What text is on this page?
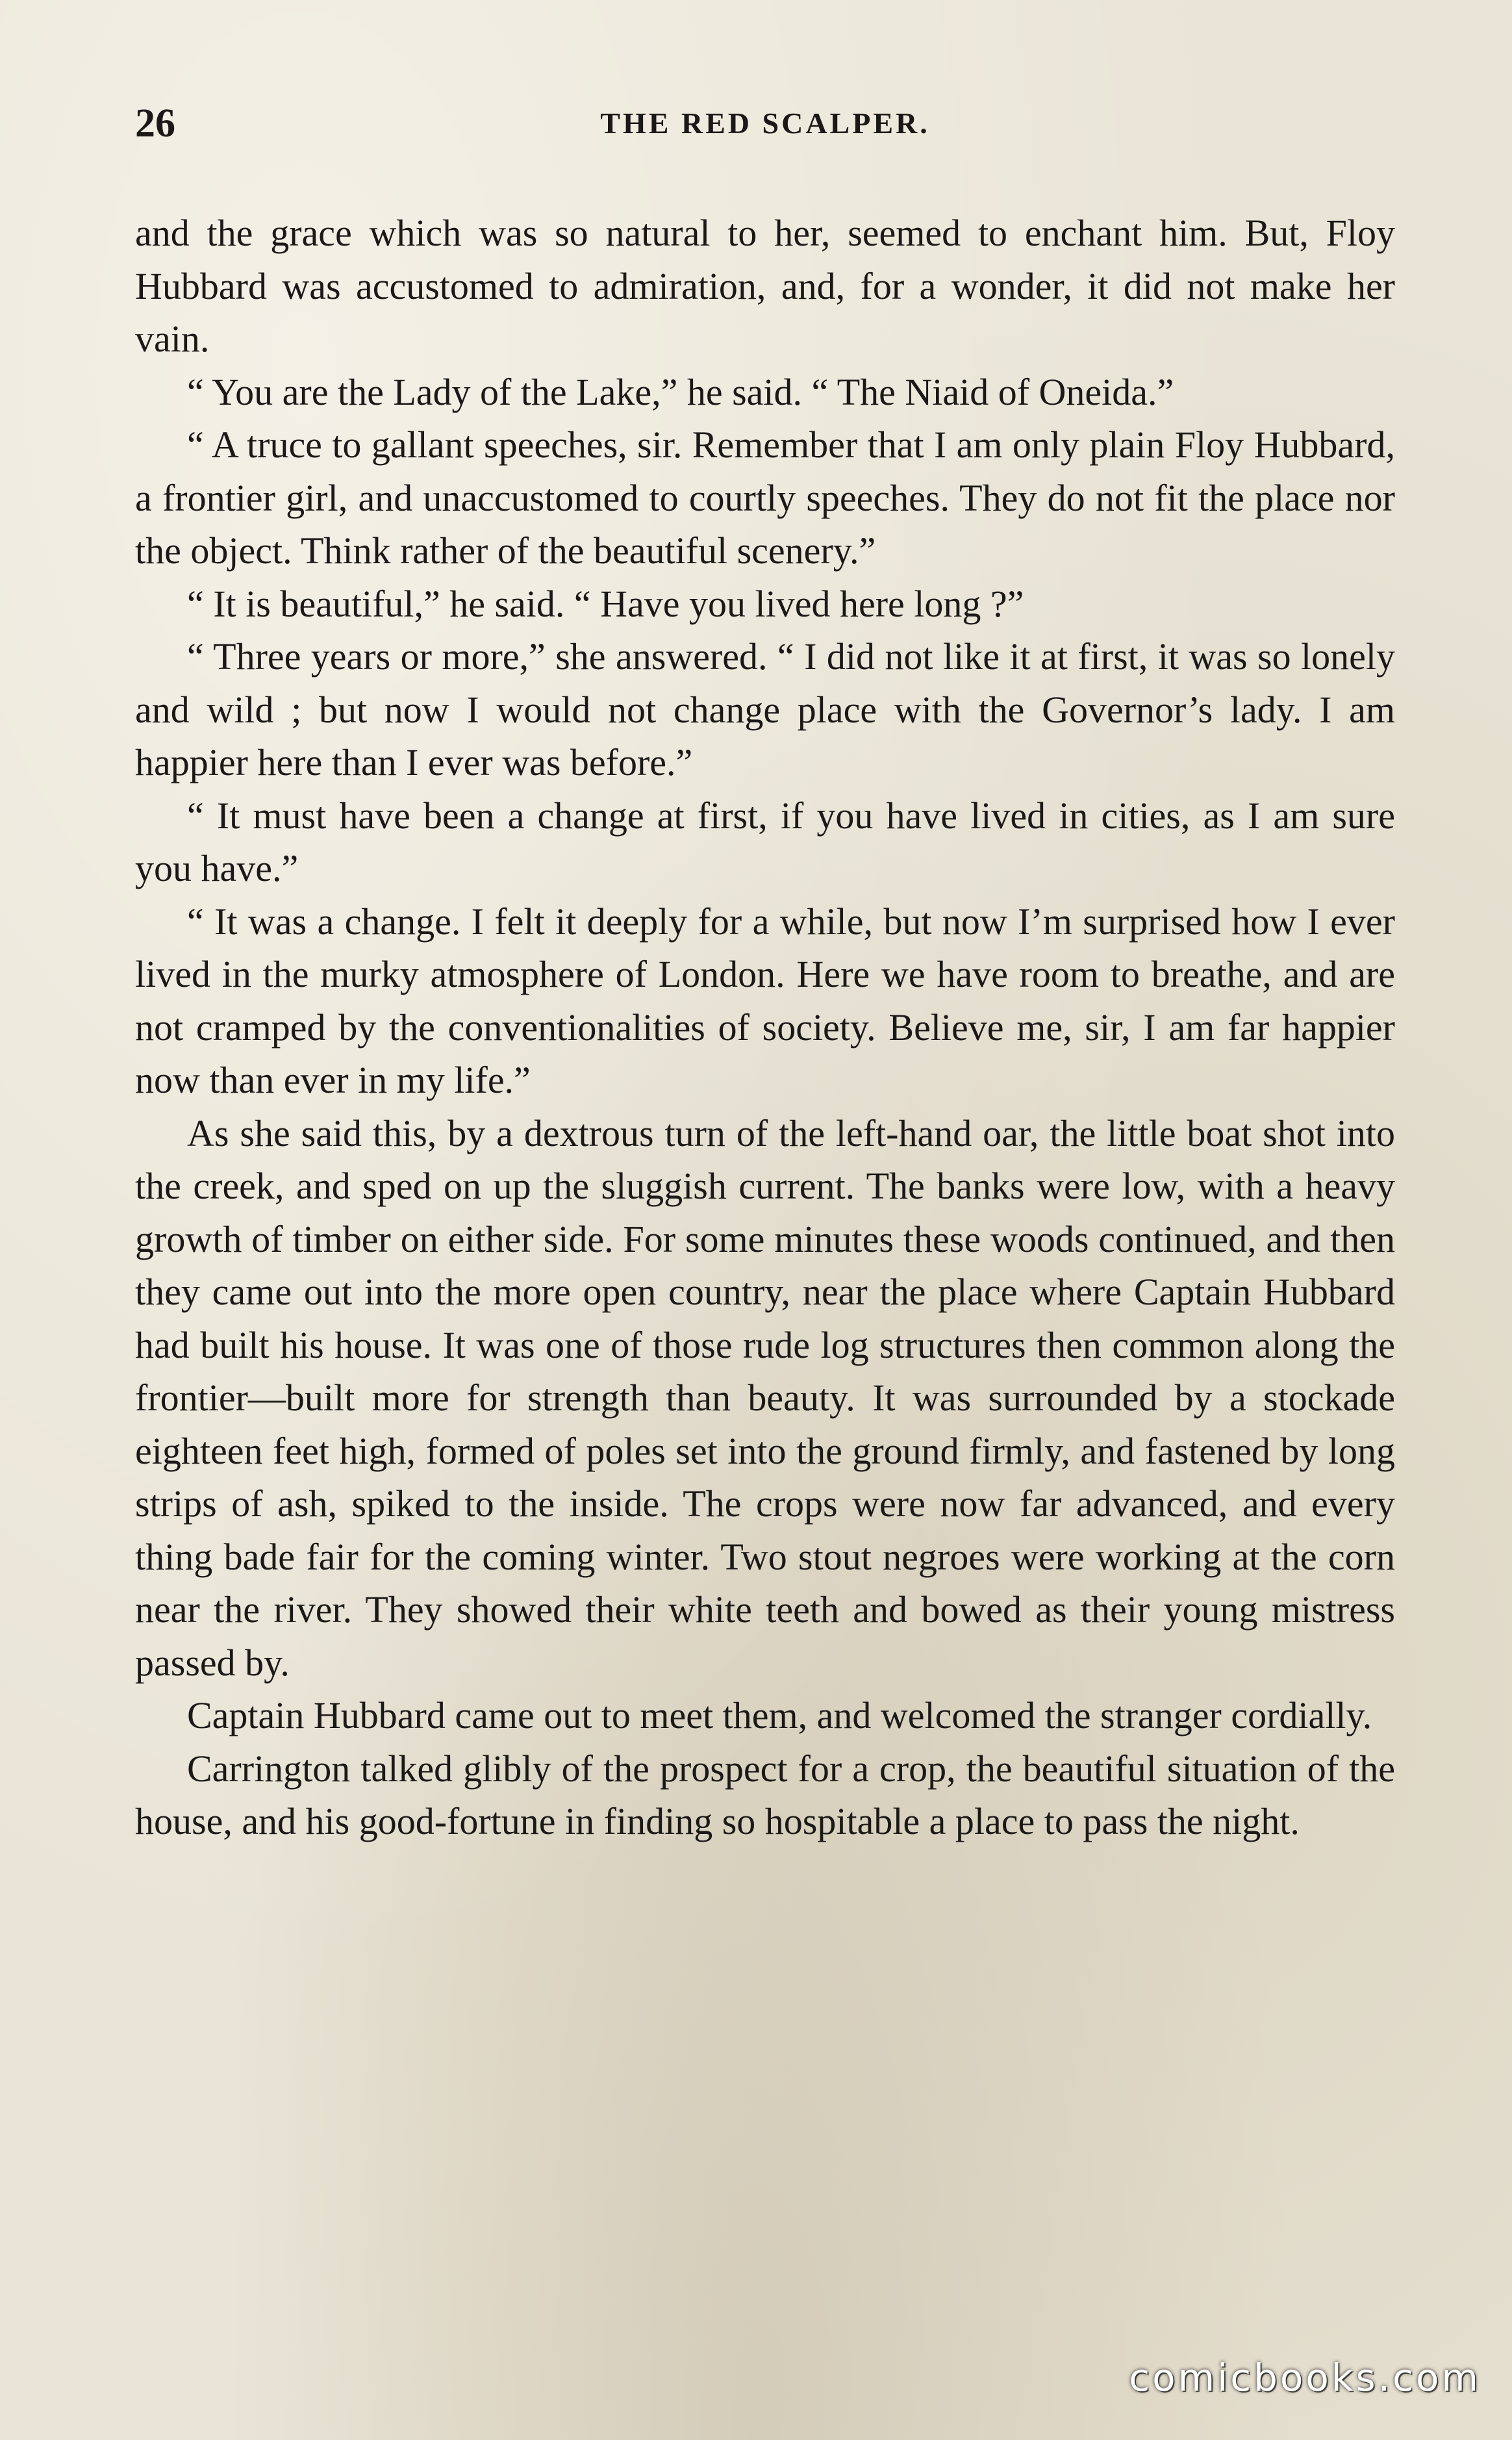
26	THE RED SCALPER.

and the grace which was so natural to her, seemed to enchant him. But, Floy Hubbard was accustomed to admiration, and, for a wonder, it did not make her vain.

“ You are the Lady of the Lake,” he said. “ The Niaid of Oneida.”

“ A truce to gallant speeches, sir. Remember that I am only plain Floy Hubbard, a frontier girl, and unaccustomed to courtly speeches. They do not fit the place nor the object. Think rather of the beautiful scenery.”

“ It is beautiful,” he said. “ Have you lived here long ?”

“ Three years or more,” she answered. “ I did not like it at first, it was so lonely and wild ; but now I would not change place with the Governor’s lady. I am happier here than I ever was before.”

“ It must have been a change at first, if you have lived in cities, as I am sure you have.”

“ It was a change. I felt it deeply for a while, but now I’m surprised how I ever lived in the murky atmosphere of London. Here we have room to breathe, and are not cramped by the conventionalities of society. Believe me, sir, I am far happier now than ever in my life.”

As she said this, by a dextrous turn of the left-hand oar, the little boat shot into the creek, and sped on up the sluggish current. The banks were low, with a heavy growth of timber on either side. For some minutes these woods continued, and then they came out into the more open country, near the place where Captain Hubbard had built his house. It was one of those rude log structures then common along the frontier—built more for strength than beauty. It was surrounded by a stockade eighteen feet high, formed of poles set into the ground firmly, and fastened by long strips of ash, spiked to the inside. The crops were now far advanced, and every thing bade fair for the coming winter. Two stout negroes were working at the corn near the river. They showed their white teeth and bowed as their young mistress passed by.

Captain Hubbard came out to meet them, and welcomed the stranger cordially.

Carrington talked glibly of the prospect for a crop, the beautiful situation of the house, and his good-fortune in finding so hospitable a place to pass the night.

comicbooks.com
